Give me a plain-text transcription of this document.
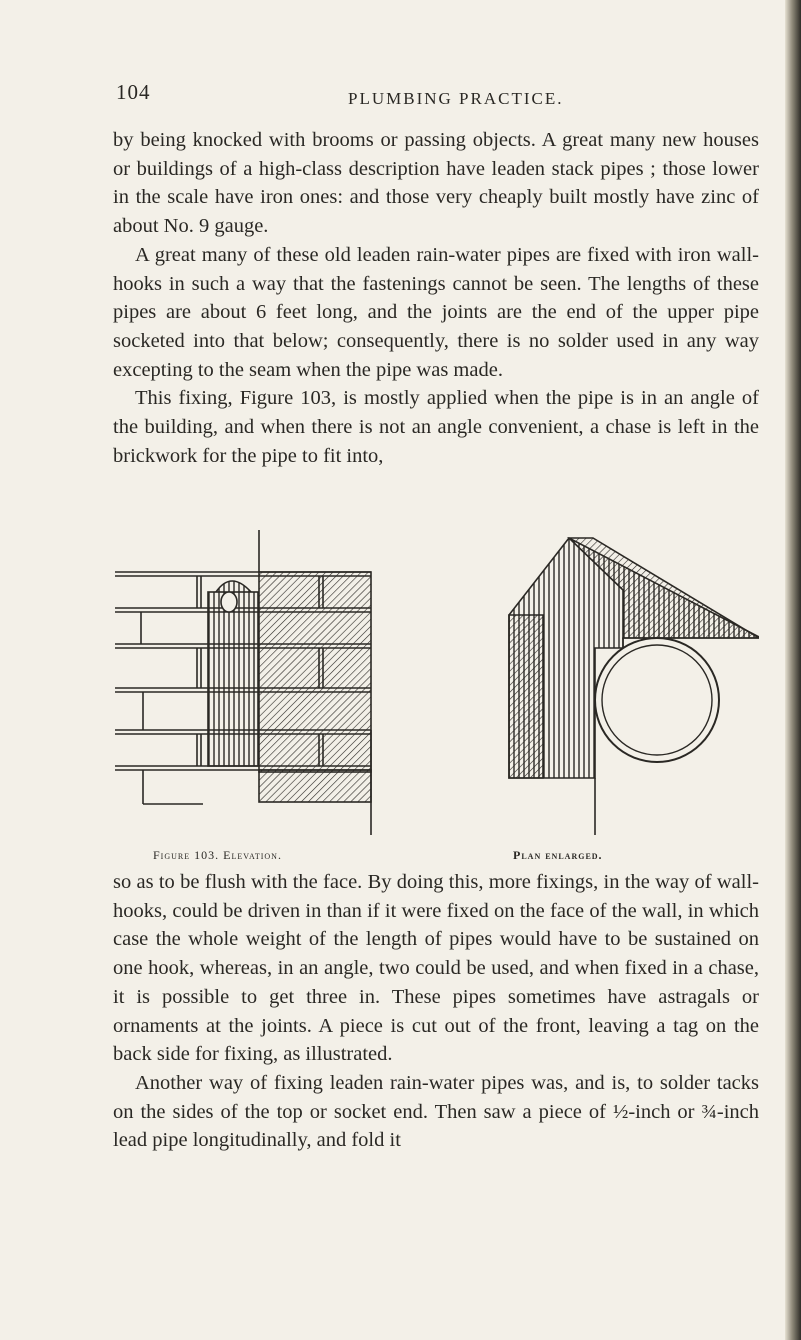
104	PLUMBING PRACTICE.

by being knocked with brooms or passing objects. A great many new houses or buildings of a high-class description have leaden stack pipes ; those lower in the scale have iron ones: and those very cheaply built mostly have zinc of about No. 9 gauge.

A great many of these old leaden rain-water pipes are fixed with iron wall-hooks in such a way that the fastenings cannot be seen. The lengths of these pipes are about 6 feet long, and the joints are the end of the upper pipe socketed into that below; consequently, there is no solder used in any way excepting to the seam when the pipe was made.

This fixing, Figure 103, is mostly applied when the pipe is in an angle of the building, and when there is not an angle convenient, a chase is left in the brickwork for the pipe to fit into,

Figure 103. Elevation.	Plan enlarged.

so as to be flush with the face. By doing this, more fixings, in the way of wall-hooks, could be driven in than if it were fixed on the face of the wall, in which case the whole weight of the length of pipes would have to be sustained on one hook, whereas, in an angle, two could be used, and when fixed in a chase, it is possible to get three in. These pipes sometimes have astragals or ornaments at the joints. A piece is cut out of the front, leaving a tag on the back side for fixing, as illustrated.

Another way of fixing leaden rain-water pipes was, and is, to solder tacks on the sides of the top or socket end. Then saw a piece of ½-inch or ¾-inch lead pipe longitudinally, and fold it
